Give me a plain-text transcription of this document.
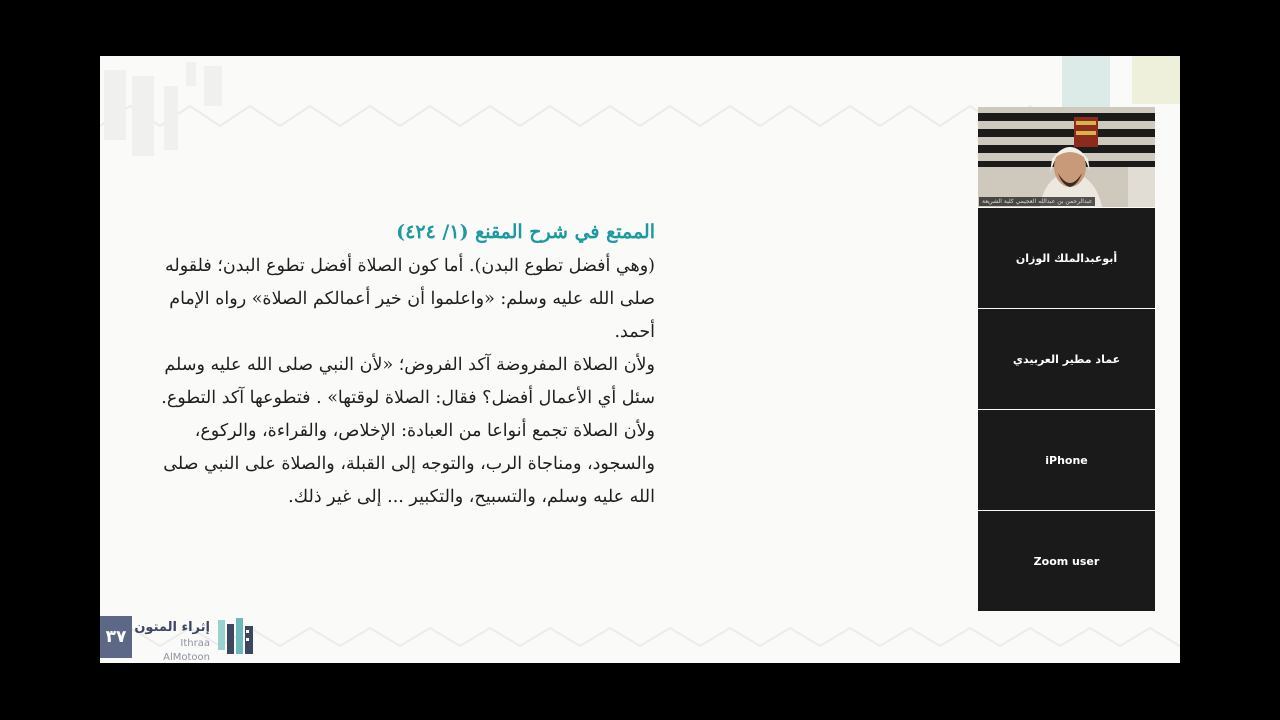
الممتع في شرح المقنع (١/ ٤٢٤)

(وهي أفضل تطوع البدن). أما كون الصلاة أفضل تطوع البدن؛ فلقوله صلى الله عليه وسلم: «واعلموا أن خير أعمالكم الصلاة» رواه الإمام أحمد.

ولأن الصلاة المفروضة آكد الفروض؛ «لأن النبي صلى الله عليه وسلم سئل أي الأعمال أفضل؟ فقال: الصلاة لوقتها» . فتطوعها آكد التطوع.

ولأن الصلاة تجمع أنواعا من العبادة: الإخلاص، والقراءة، والركوع، والسجود، ومناجاة الرب، والتوجه إلى القبلة، والصلاة على النبي صلى الله عليه وسلم، والتسبيح، والتكبير ... إلى غير ذلك.

٣٧ إثراء المتون
Ithraa AlMotoon
عبدالرحمن بن عبدالله العجيمي كلية الشريعة
أبوعبدالملك الوزان
عماد مطير العربيدي
iPhone
Zoom user
